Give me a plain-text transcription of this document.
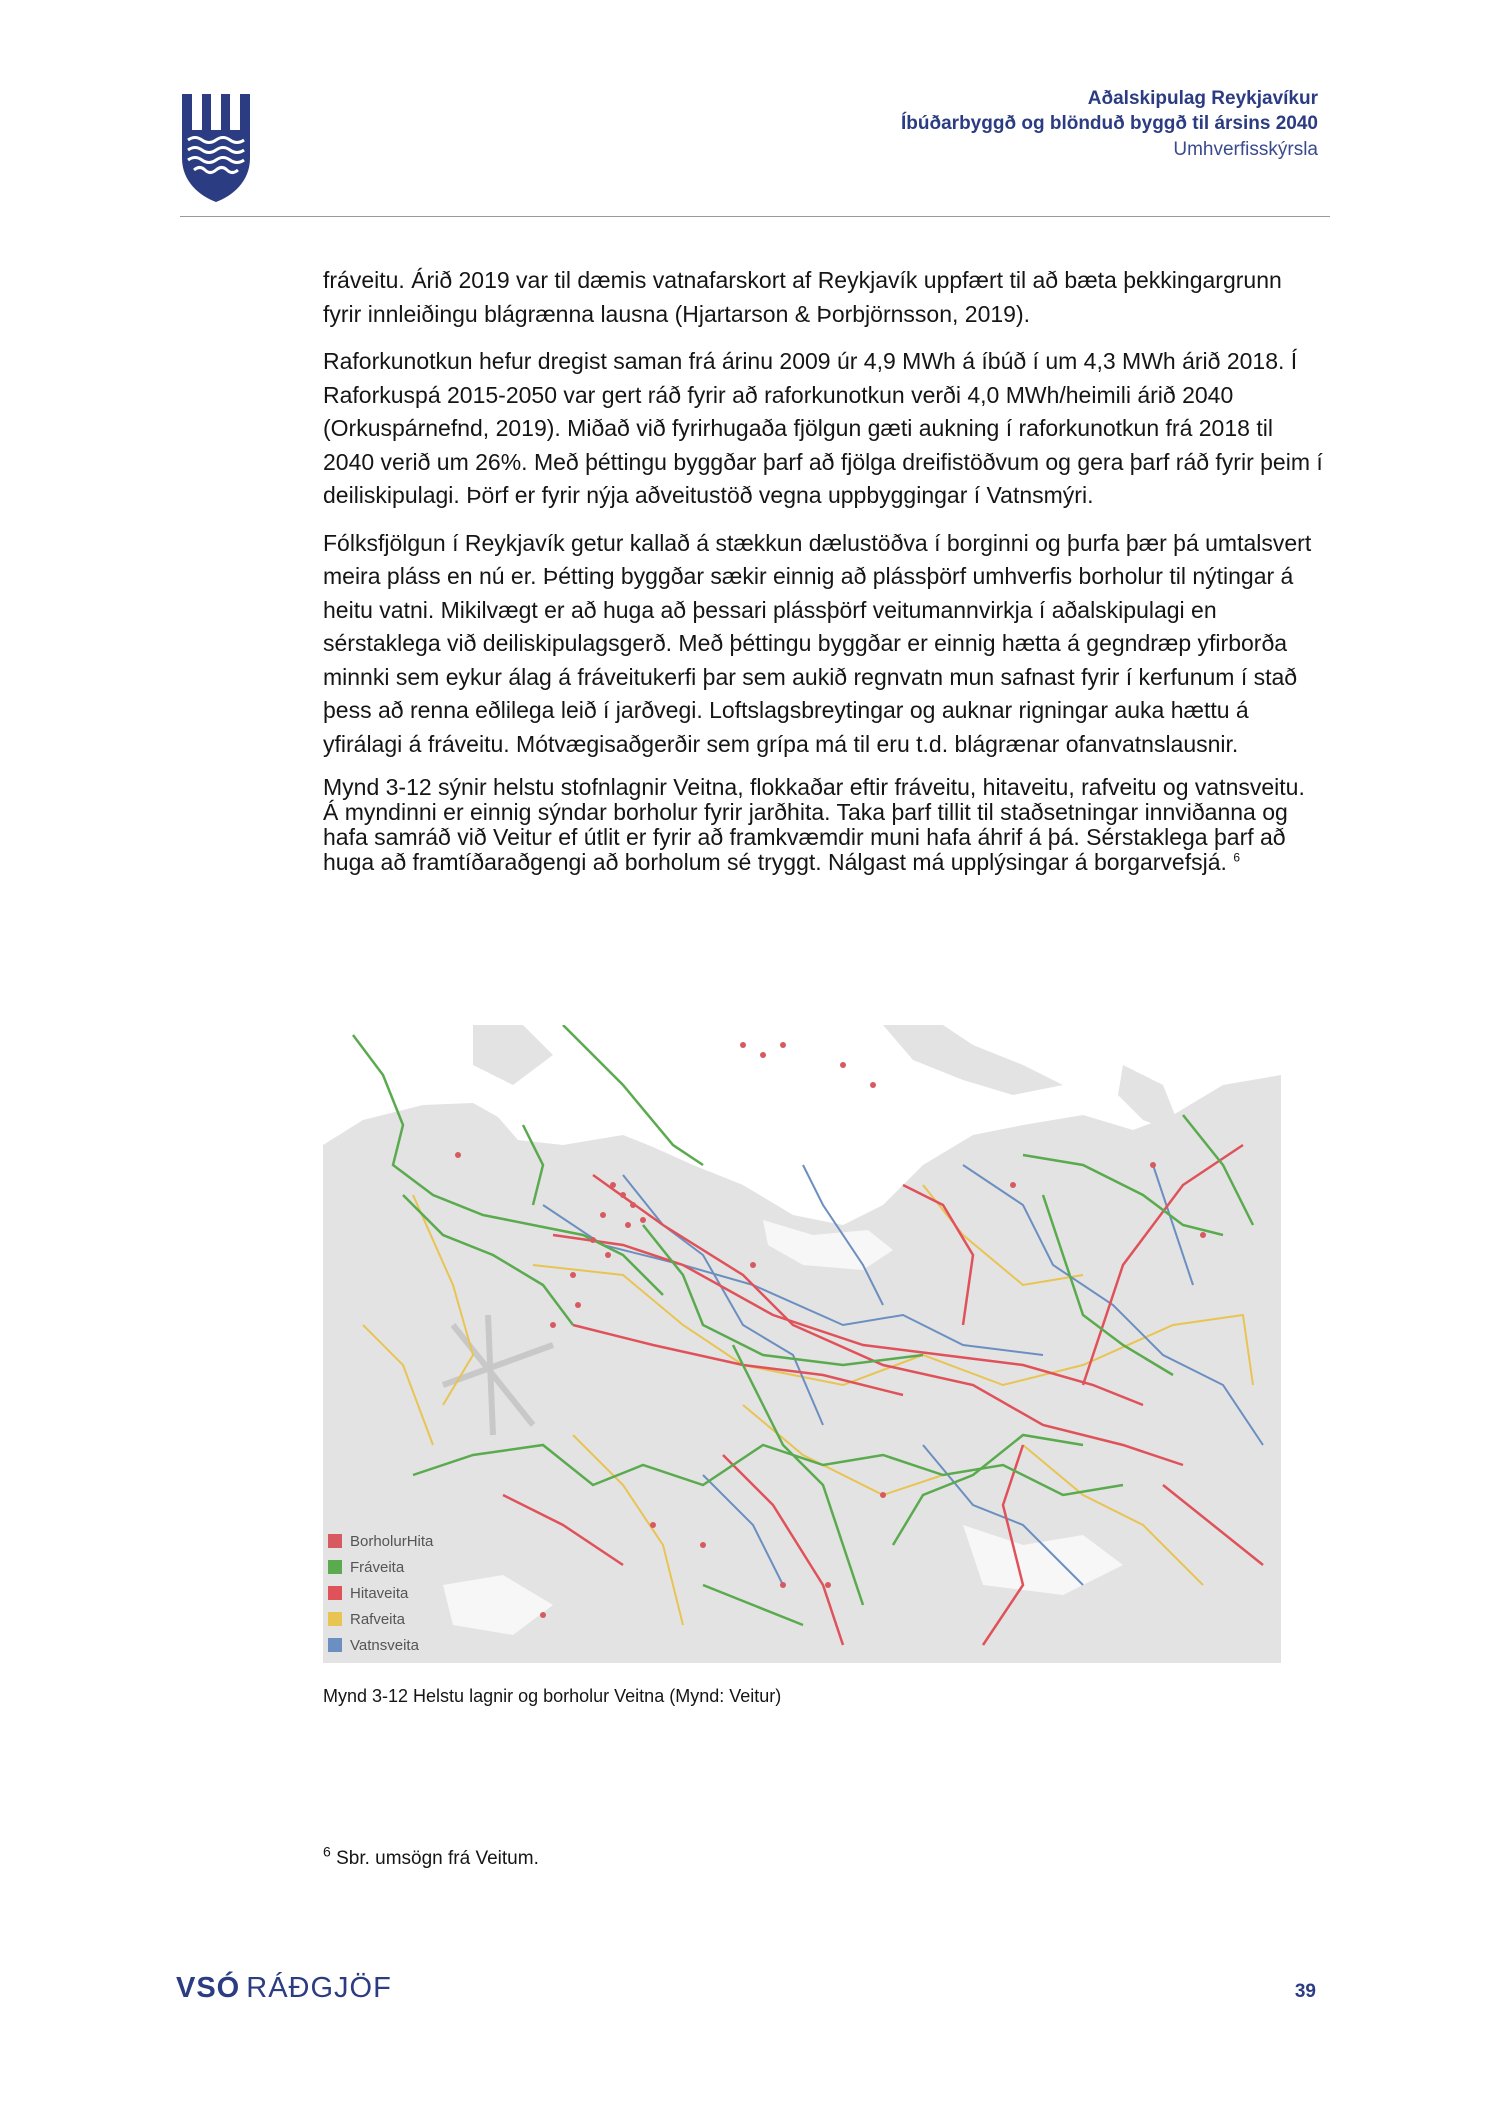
Aðalskipulag Reykjavíkur
Íbúðarbyggð og blönduð byggð til ársins 2040
Umhverfisskýrsla

fráveitu. Árið 2019 var til dæmis vatnafarskort af Reykjavík uppfært til að bæta þekkingargrunn fyrir innleiðingu blágrænna lausna (Hjartarson & Þorbjörnsson, 2019).

Raforkunotkun hefur dregist saman frá árinu 2009 úr 4,9 MWh á íbúð í um 4,3 MWh árið 2018. Í Raforkuspá 2015-2050 var gert ráð fyrir að raforkunotkun verði 4,0 MWh/heimili árið 2040 (Orkuspárnefnd, 2019). Miðað við fyrirhugaða fjölgun gæti aukning í raforkunotkun frá 2018 til 2040 verið um 26%. Með þéttingu byggðar þarf að fjölga dreifistöðvum og gera þarf ráð fyrir þeim í deiliskipulagi. Þörf er fyrir nýja aðveitustöð vegna uppbyggingar í Vatnsmýri.

Fólksfjölgun í Reykjavík getur kallað á stækkun dælustöðva í borginni og þurfa þær þá umtalsvert meira pláss en nú er. Þétting byggðar sækir einnig að plássþörf umhverfis borholur til nýtingar á heitu vatni. Mikilvægt er að huga að þessari plássþörf veitumannvirkja í aðalskipulagi en sérstaklega við deiliskipulagsgerð. Með þéttingu byggðar er einnig hætta á gegndræp yfirborða minnki sem eykur álag á fráveitukerfi þar sem aukið regnvatn mun safnast fyrir í kerfunum í stað þess að renna eðlilega leið í jarðvegi. Loftslagsbreytingar og auknar rigningar auka hættu á yfirálagi á fráveitu. Mótvægisaðgerðir sem grípa má til eru t.d. blágrænar ofanvatnslausnir.

Mynd 3-12 sýnir helstu stofnlagnir Veitna, flokkaðar eftir fráveitu, hitaveitu, rafveitu og vatnsveitu. Á myndinni er einnig sýndar borholur fyrir jarðhita. Taka þarf tillit til staðsetningar innviðanna og hafa samráð við Veitur ef útlit er fyrir að framkvæmdir muni hafa áhrif á þá. Sérstaklega þarf að huga að framtíðaraðgengi að borholum sé tryggt. Nálgast má upplýsingar á borgarvefsjá. $^6$

BorholurHita
Fráveita
Hitaveita
Rafveita
Vatnsveita
Mynd 3-12 Helstu lagnir og borholur Veitna (Mynd: Veitur)
$^6$ Sbr. umsögn frá Veitum.
VSÓ RÁÐGJÖF	39
